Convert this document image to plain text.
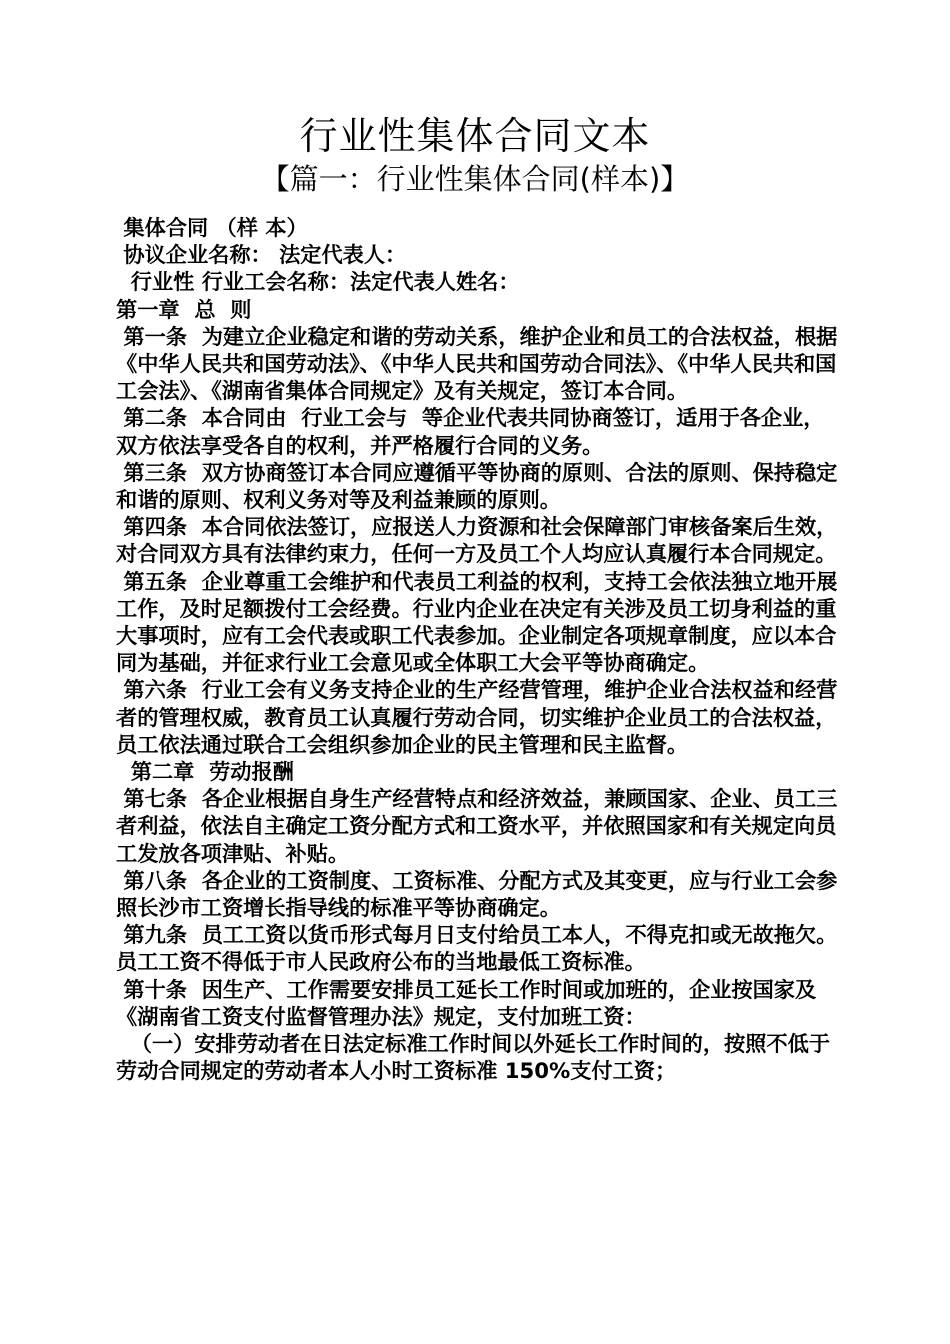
行业性集体合同文本
【篇一：行业性集体合同(样本)】

集体合同 （样 本）

协议企业名称： 法定代表人：

行业性 行业工会名称：法定代表人姓名：

第一章  总  则

第一条  为建立企业稳定和谐的劳动关系，维护企业和员工的合法权益，根据《中华人民共和国劳动法》、《中华人民共和国劳动合同法》、《中华人民共和国工会法》、《湖南省集体合同规定》及有关规定，签订本合同。

第二条  本合同由  行业工会与  等企业代表共同协商签订，适用于各企业，双方依法享受各自的权利，并严格履行合同的义务。

第三条  双方协商签订本合同应遵循平等协商的原则、合法的原则、保持稳定和谐的原则、权利义务对等及利益兼顾的原则。

第四条  本合同依法签订，应报送人力资源和社会保障部门审核备案后生效，对合同双方具有法律约束力，任何一方及员工个人均应认真履行本合同规定。

第五条  企业尊重工会维护和代表员工利益的权利，支持工会依法独立地开展工作，及时足额拨付工会经费。行业内企业在决定有关涉及员工切身利益的重大事项时，应有工会代表或职工代表参加。企业制定各项规章制度，应以本合同为基础，并征求行业工会意见或全体职工大会平等协商确定。

第六条  行业工会有义务支持企业的生产经营管理，维护企业合法权益和经营者的管理权威，教育员工认真履行劳动合同，切实维护企业员工的合法权益，员工依法通过联合工会组织参加企业的民主管理和民主监督。

第二章  劳动报酬

第七条  各企业根据自身生产经营特点和经济效益，兼顾国家、企业、员工三者利益，依法自主确定工资分配方式和工资水平，并依照国家和有关规定向员工发放各项津贴、补贴。

第八条  各企业的工资制度、工资标准、分配方式及其变更，应与行业工会参照长沙市工资增长指导线的标准平等协商确定。

第九条  员工工资以货币形式每月日支付给员工本人，不得克扣或无故拖欠。员工工资不得低于市人民政府公布的当地最低工资标准。

第十条  因生产、工作需要安排员工延长工作时间或加班的，企业按国家及《湖南省工资支付监督管理办法》规定，支付加班工资：

（一）安排劳动者在日法定标准工作时间以外延长工作时间的，按照不低于劳动合同规定的劳动者本人小时工资标准 150%支付工资；
